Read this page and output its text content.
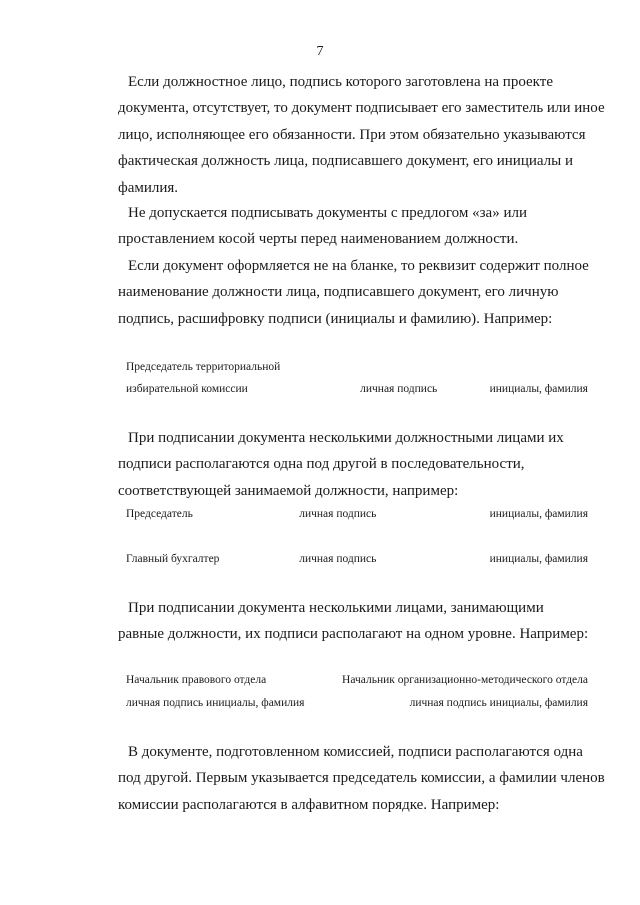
7
Если должностное лицо, подпись которого заготовлена на проекте
документа, отсутствует, то документ подписывает его заместитель или иное
лицо, исполняющее его обязанности. При этом обязательно указываются
фактическая должность лица, подписавшего документ, его инициалы и
фамилия.
Не допускается подписывать документы с предлогом «за» или
проставлением косой черты перед наименованием должности.
Если документ оформляется не на бланке, то реквизит содержит полное
наименование должности лица, подписавшего документ, его личную
подпись, расшифровку подписи (инициалы и фамилию). Например:
Председатель территориальной
избирательной комиссии	личная подпись	инициалы, фамилия
При подписании документа несколькими должностными лицами их
подписи располагаются одна под другой в последовательности,
соответствующей занимаемой должности, например:
Председатель	личная подпись	инициалы, фамилия
Главный бухгалтер	личная подпись	инициалы, фамилия
При подписании документа несколькими лицами, занимающими
равные должности, их подписи располагают на одном уровне. Например:
Начальник правового отдела	Начальник организационно-методического отдела
личная подпись инициалы, фамилия	личная подпись инициалы, фамилия
В документе, подготовленном комиссией, подписи располагаются одна
под другой. Первым указывается председатель комиссии, а фамилии членов
комиссии располагаются в алфавитном порядке. Например:
